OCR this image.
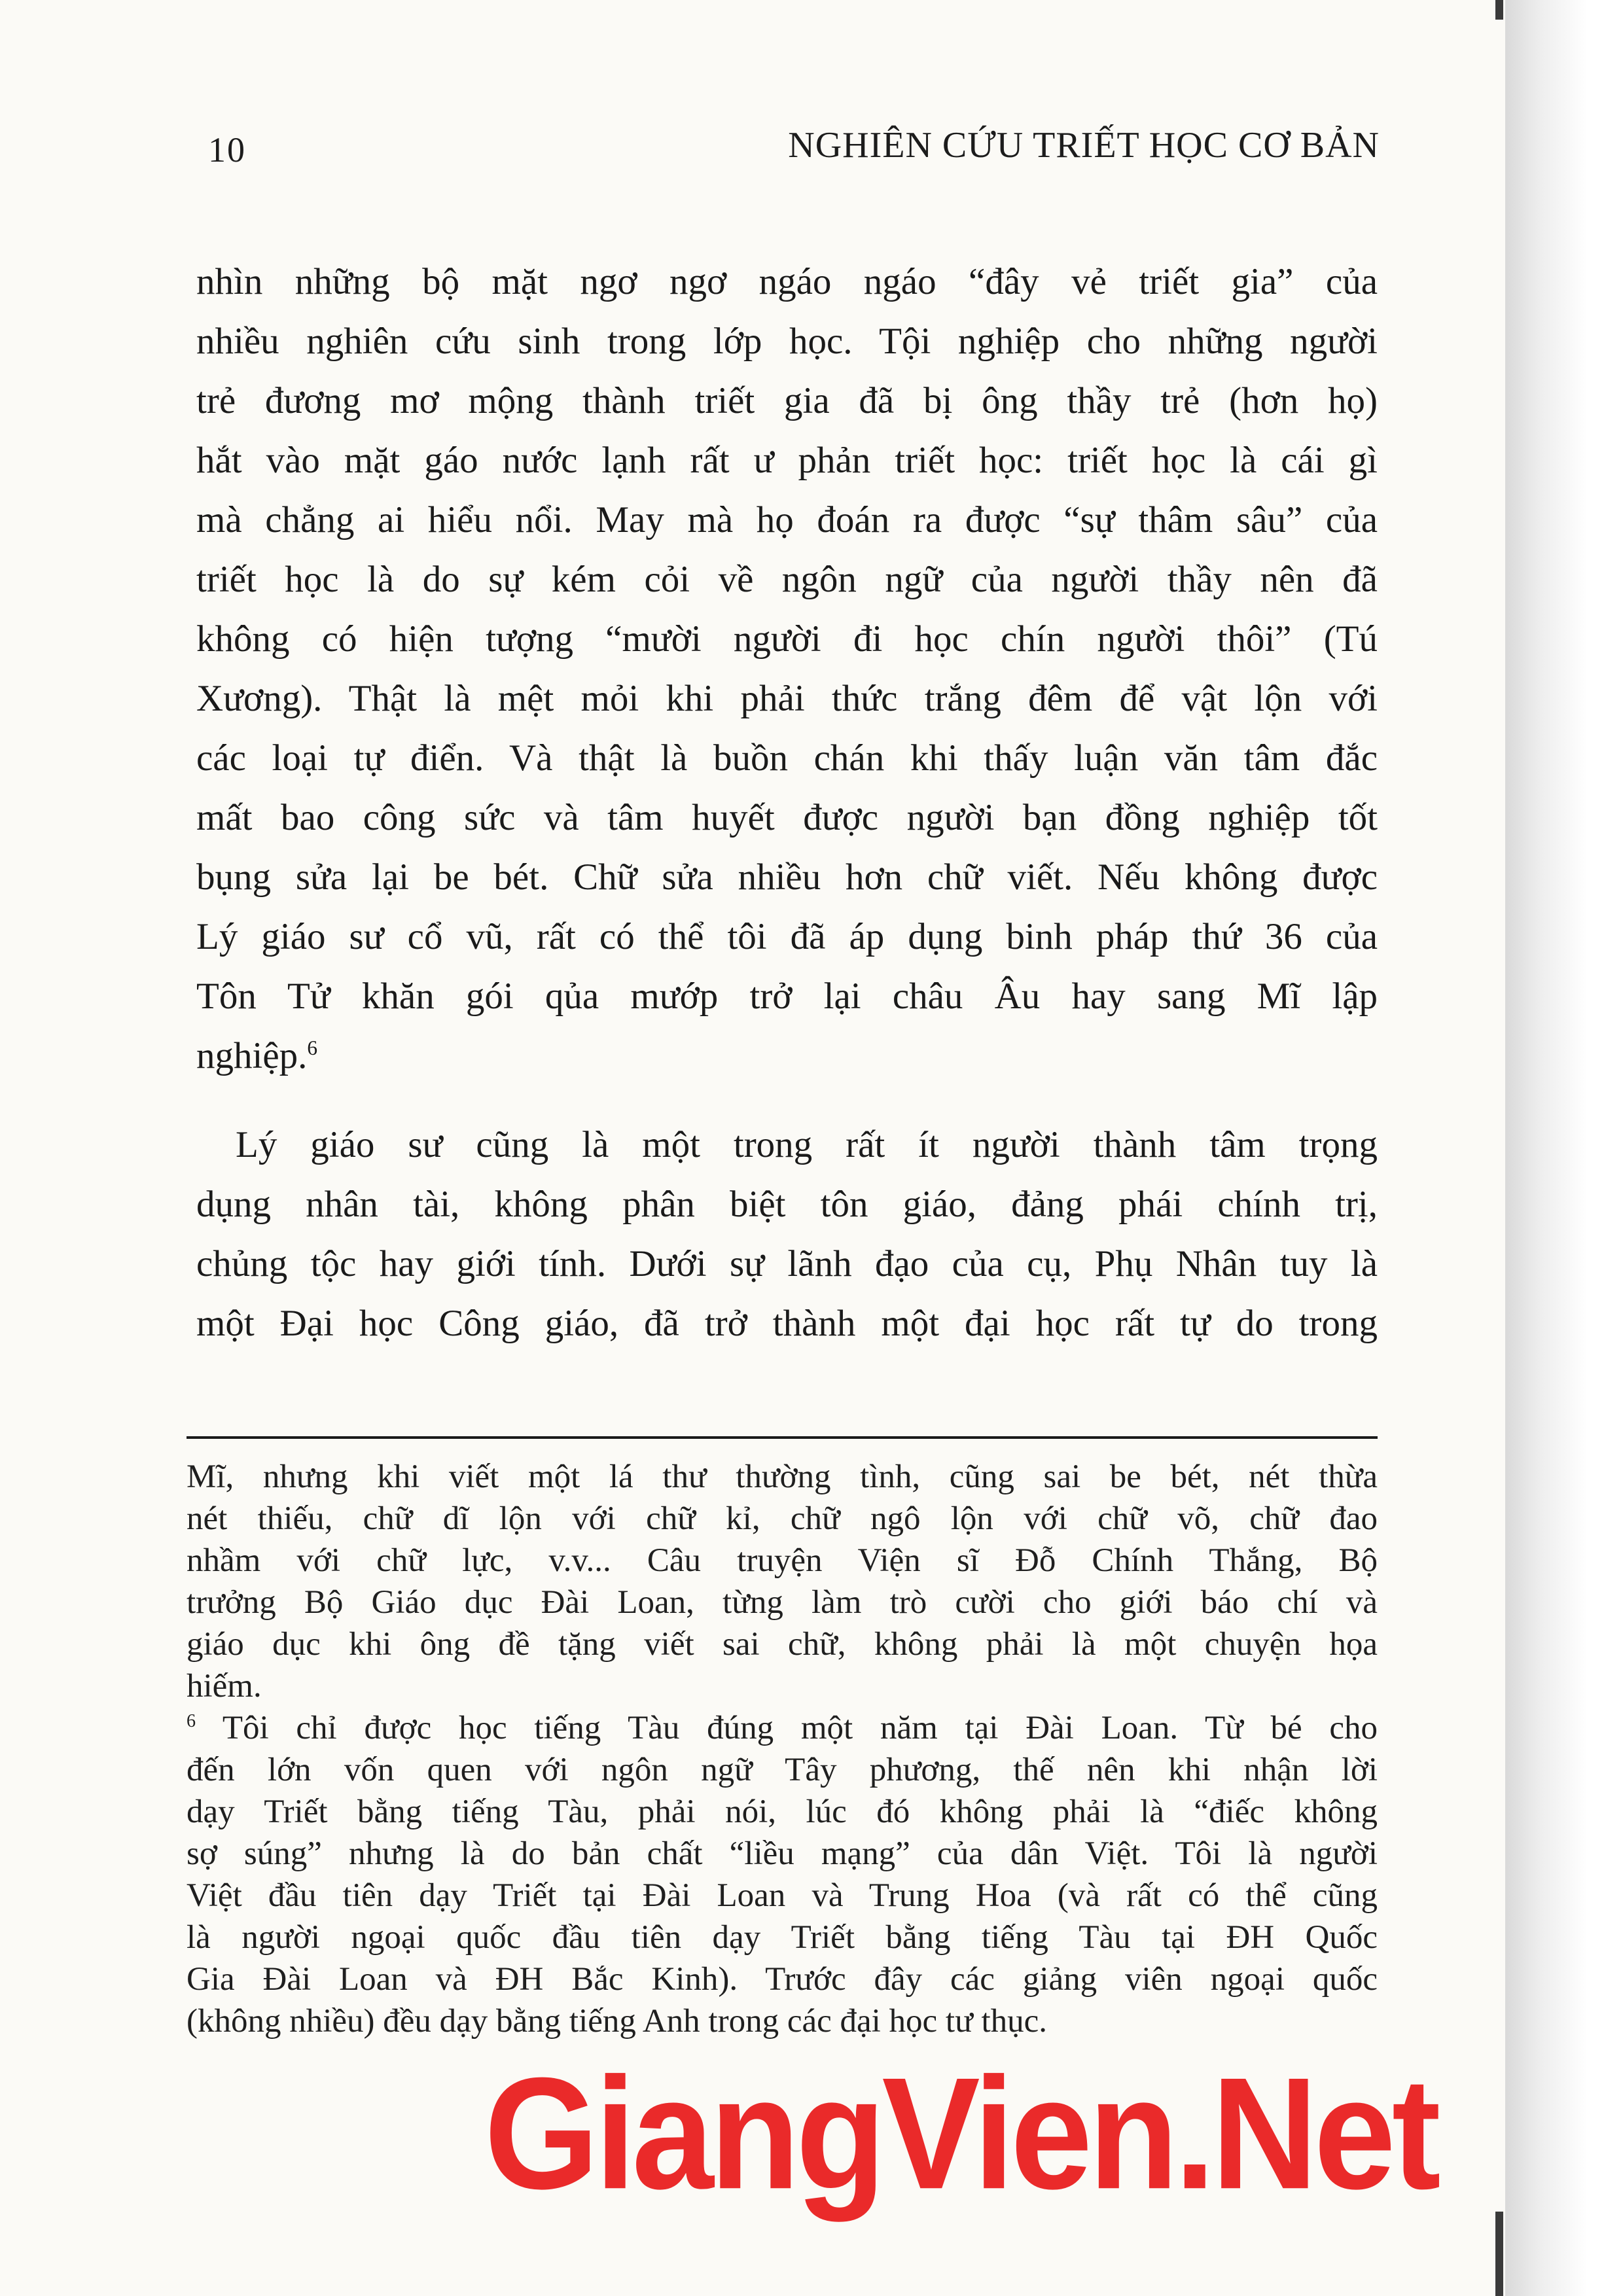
10	NGHIÊN CỨU TRIẾT HỌC CƠ BẢN
nhìn những bộ mặt ngơ ngơ ngáo ngáo “đây vẻ triết gia” của
nhiều nghiên cứu sinh trong lớp học. Tội nghiệp cho những người
trẻ đương mơ mộng thành triết gia đã bị ông thầy trẻ (hơn họ)
hắt vào mặt gáo nước lạnh rất ư phản triết học: triết học là cái gì
mà chẳng ai hiểu nổi. May mà họ đoán ra được “sự thâm sâu” của
triết học là do sự kém cỏi về ngôn ngữ của người thầy nên đã
không có hiện tượng “mười người đi học chín người thôi” (Tú
Xương). Thật là mệt mỏi khi phải thức trắng đêm để vật lộn với
các loại tự điển. Và thật là buồn chán khi thấy luận văn tâm đắc
mất bao công sức và tâm huyết được người bạn đồng nghiệp tốt
bụng sửa lại be bét. Chữ sửa nhiều hơn chữ viết. Nếu không được
Lý giáo sư cổ vũ, rất có thể tôi đã áp dụng binh pháp thứ 36 của
Tôn Tử khăn gói qủa mướp trở lại châu Âu hay sang Mĩ lập
nghiệp.$^6$
Lý giáo sư cũng là một trong rất ít người thành tâm trọng
dụng nhân tài, không phân biệt tôn giáo, đảng phái chính trị,
chủng tộc hay giới tính. Dưới sự lãnh đạo của cụ, Phụ Nhân tuy là
một Đại học Công giáo, đã trở thành một đại học rất tự do trong
Mĩ, nhưng khi viết một lá thư thường tình, cũng sai be bét, nét thừa
nét thiếu, chữ dĩ lộn với chữ kỉ, chữ ngô lộn với chữ võ, chữ đao
nhầm với chữ lực, v.v... Câu truyện Viện sĩ Đỗ Chính Thắng, Bộ
trưởng Bộ Giáo dục Đài Loan, từng làm trò cười cho giới báo chí và
giáo dục khi ông đề tặng viết sai chữ, không phải là một chuyện họa
hiếm.
$^6$ Tôi chỉ được học tiếng Tàu đúng một năm tại Đài Loan. Từ bé cho
đến lớn vốn quen với ngôn ngữ Tây phương, thế nên khi nhận lời
dạy Triết bằng tiếng Tàu, phải nói, lúc đó không phải là “điếc không
sợ súng” nhưng là do bản chất “liều mạng” của dân Việt. Tôi là người
Việt đầu tiên dạy Triết tại Đài Loan và Trung Hoa (và rất có thể cũng
là người ngoại quốc đầu tiên dạy Triết bằng tiếng Tàu tại ĐH Quốc
Gia Đài Loan và ĐH Bắc Kinh). Trước đây các giảng viên ngoại quốc
(không nhiều) đều dạy bằng tiếng Anh trong các đại học tư thục.
GiangVien.Net
